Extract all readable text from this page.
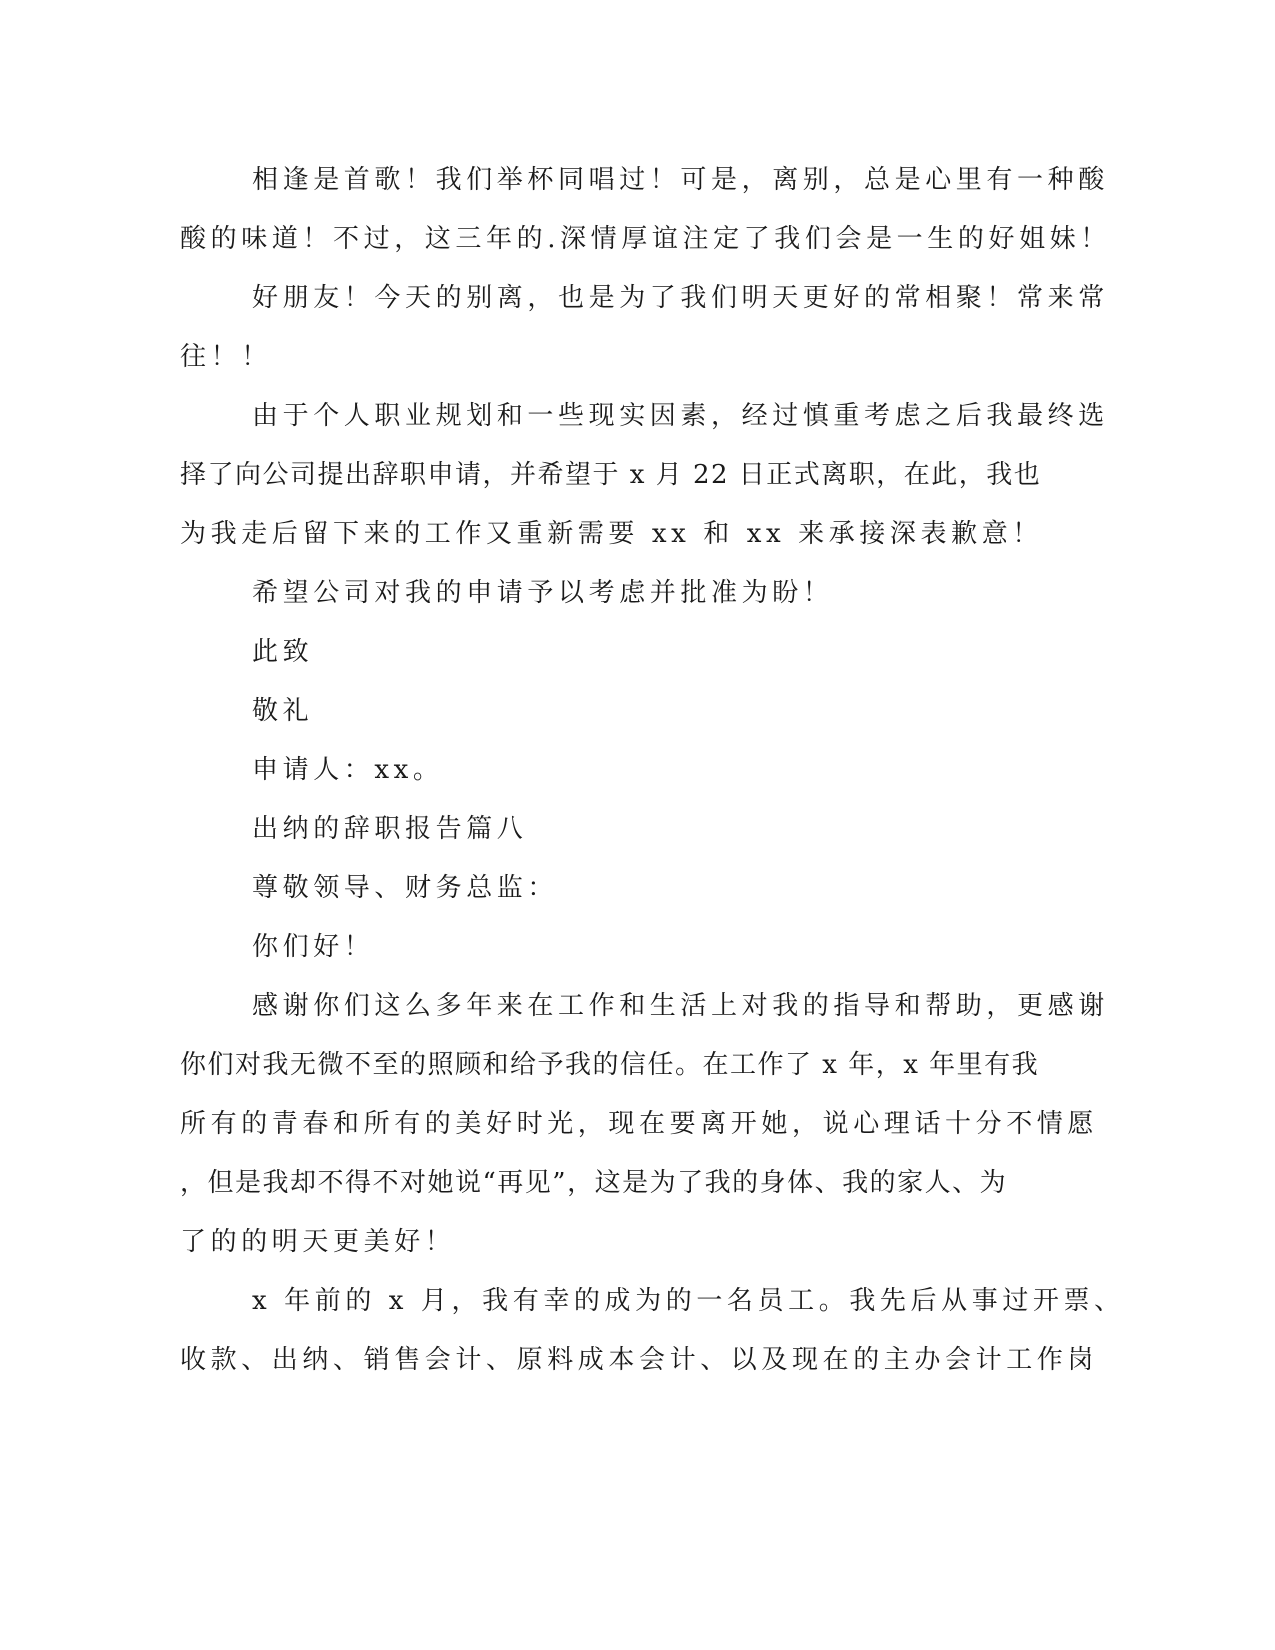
相逢是首歌！我们举杯同唱过！可是，离别，总是心里有一种酸
酸的味道！不过，这三年的.深情厚谊注定了我们会是一生的好姐妹！
好朋友！今天的别离，也是为了我们明天更好的常相聚！常来常
往！！
由于个人职业规划和一些现实因素，经过慎重考虑之后我最终选
择了向公司提出辞职申请，并希望于 x 月 22 日正式离职，在此，我也
为我走后留下来的工作又重新需要 xx 和 xx 来承接深表歉意！
希望公司对我的申请予以考虑并批准为盼！
此致
敬礼
申请人：xx。
出纳的辞职报告篇八
尊敬领导、财务总监：
你们好！
感谢你们这么多年来在工作和生活上对我的指导和帮助，更感谢
你们对我无微不至的照顾和给予我的信任。在工作了 x 年，x 年里有我
所有的青春和所有的美好时光，现在要离开她，说心理话十分不情愿
，但是我却不得不对她说“再见”，这是为了我的身体、我的家人、为
了的的明天更美好！
x 年前的 x 月，我有幸的成为的一名员工。我先后从事过开票、
收款、出纳、销售会计、原料成本会计、以及现在的主办会计工作岗
